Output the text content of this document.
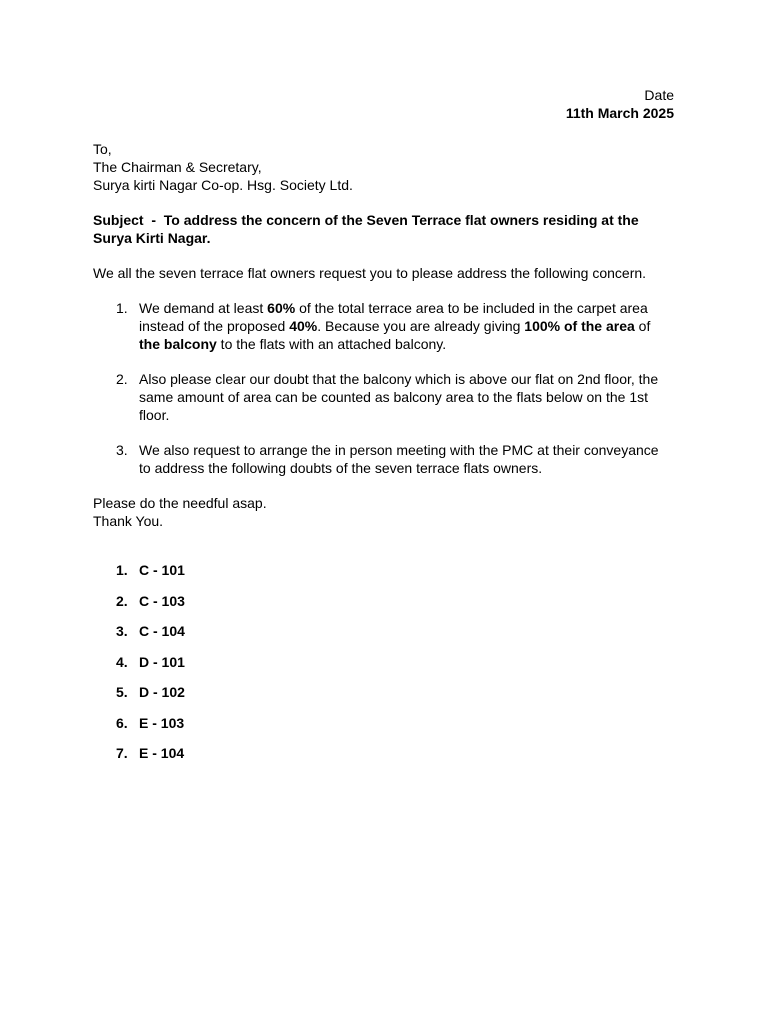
Date
11th March 2025
To,
The Chairman & Secretary,
Surya kirti Nagar Co-op. Hsg. Society Ltd.
Subject  -  To address the concern of the Seven Terrace flat owners residing at the
Surya Kirti Nagar.
We all the seven terrace flat owners request you to please address the following concern.
1. We demand at least 60% of the total terrace area to be included in the carpet area instead of the proposed 40%. Because you are already giving 100% of the area of the balcony to the flats with an attached balcony.
2. Also please clear our doubt that the balcony which is above our flat on 2nd floor, the same amount of area can be counted as balcony area to the flats below on the 1st floor.
3. We also request to arrange the in person meeting with the PMC at their conveyance to address the following doubts of the seven terrace flats owners.
Please do the needful asap.
Thank You.
1. C - 101
2. C - 103
3. C - 104
4. D - 101
5. D - 102
6. E - 103
7. E - 104
